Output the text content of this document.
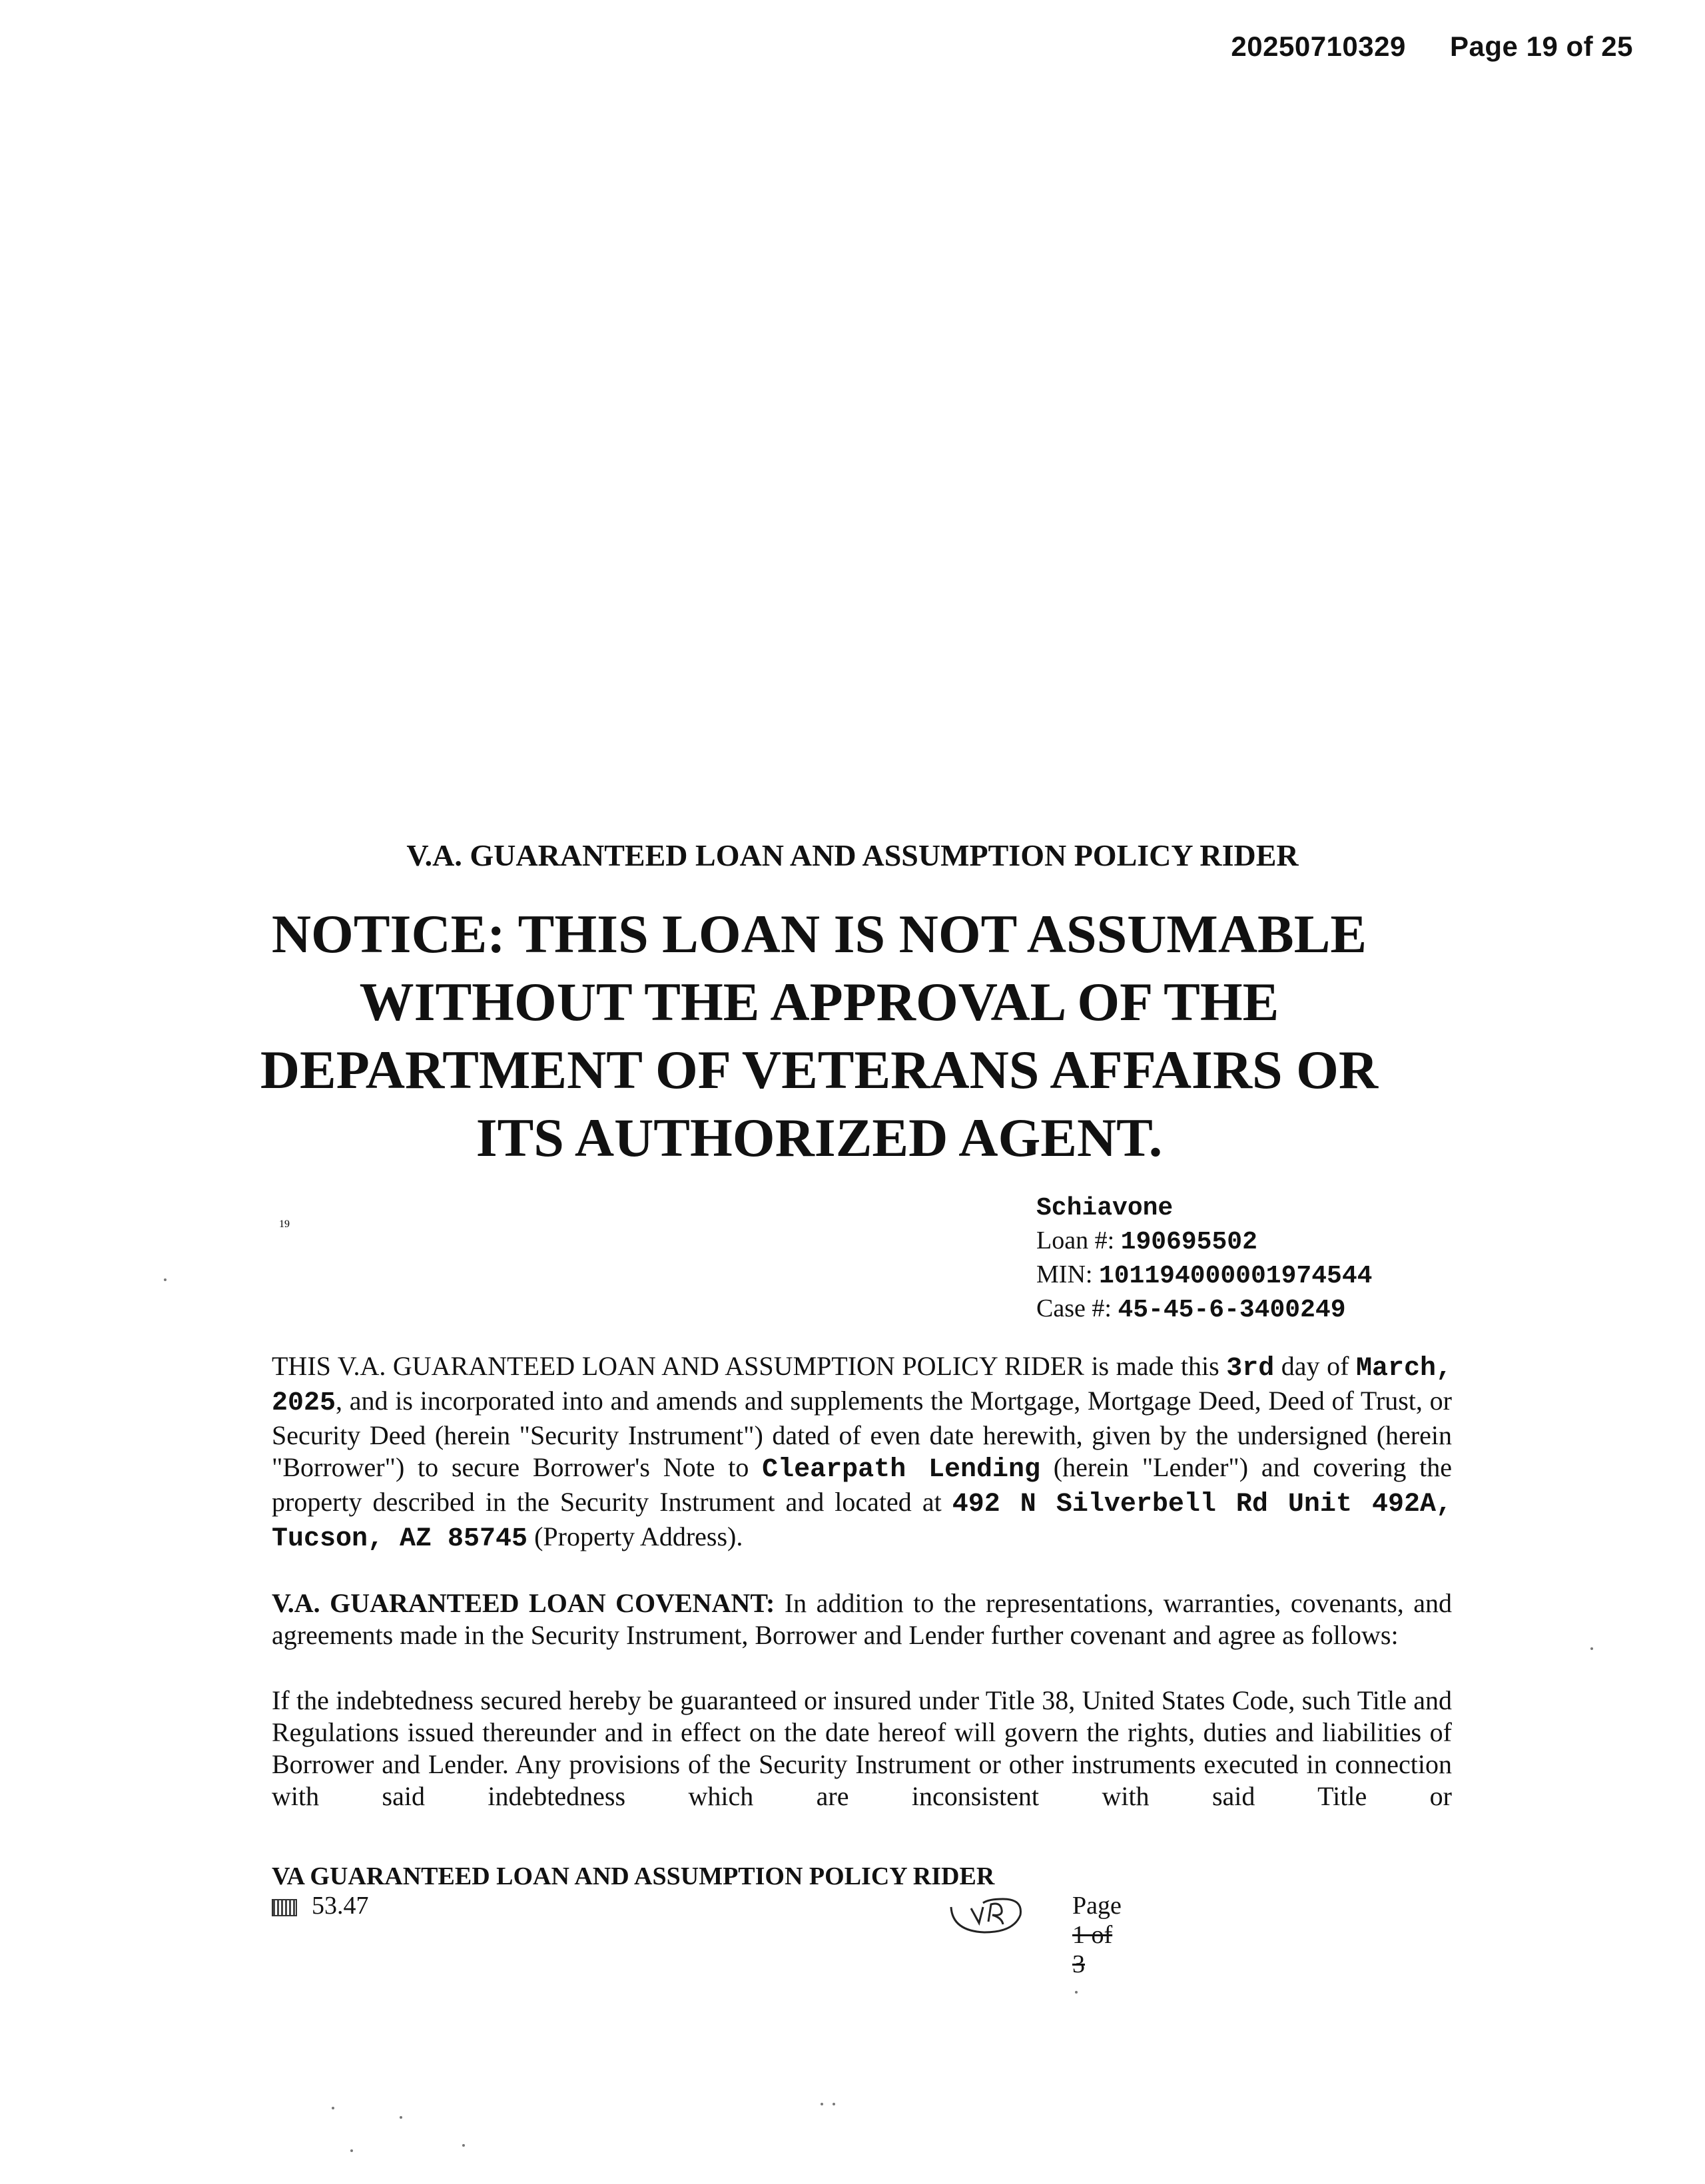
20250710329 Page 19 of 25
V.A. GUARANTEED LOAN AND ASSUMPTION POLICY RIDER
NOTICE: THIS LOAN IS NOT ASSUMABLE
WITHOUT THE APPROVAL OF THE
DEPARTMENT OF VETERANS AFFAIRS OR
ITS AUTHORIZED AGENT.
Schiavone
Loan #: 190695502
MIN: 101194000001974544
Case #: 45-45-6-3400249
THIS V.A. GUARANTEED LOAN AND ASSUMPTION POLICY RIDER is made this 3rd day of March, 2025, and is incorporated into and amends and supplements the Mortgage, Mortgage Deed, Deed of Trust, or Security Deed (herein "Security Instrument") dated of even date herewith, given by the undersigned (herein "Borrower") to secure Borrower's Note to Clearpath Lending (herein "Lender") and covering the property described in the Security Instrument and located at 492 N Silverbell Rd Unit 492A, Tucson, AZ 85745 (Property Address).
V.A. GUARANTEED LOAN COVENANT: In addition to the representations, warranties, covenants, and agreements made in the Security Instrument, Borrower and Lender further covenant and agree as follows:
If the indebtedness secured hereby be guaranteed or insured under Title 38, United States Code, such Title and Regulations issued thereunder and in effect on the date hereof will govern the rights, duties and liabilities of Borrower and Lender. Any provisions of the Security Instrument or other instruments executed in connection with said indebtedness which are inconsistent with said Title or
VA GUARANTEED LOAN AND ASSUMPTION POLICY RIDER
53.47	Page 1 of 3
19
